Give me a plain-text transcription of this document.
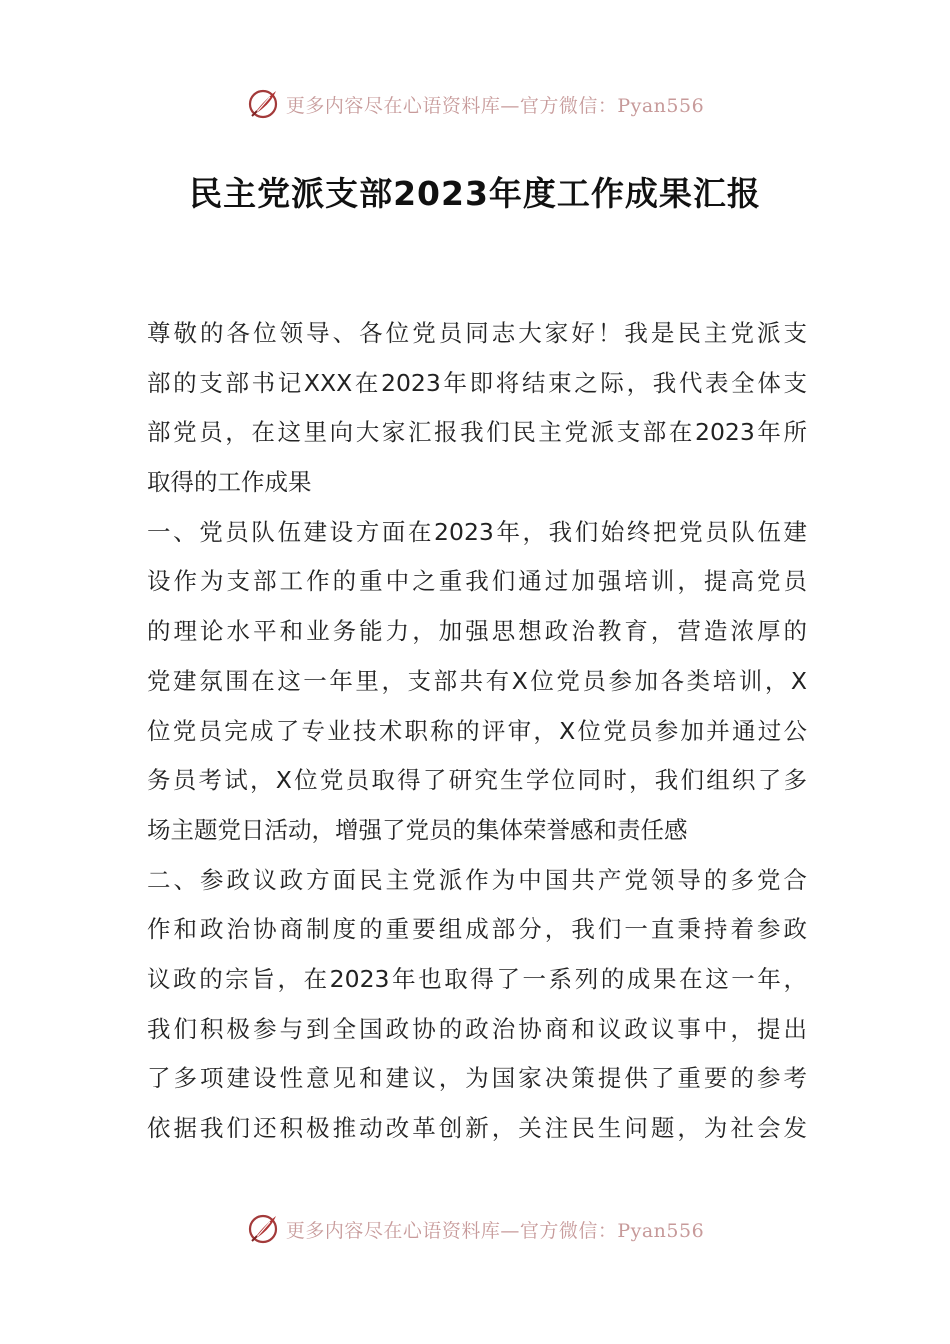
更多内容尽在心语资料库—官方微信：Pyan556
民主党派支部2023年度工作成果汇报
尊敬的各位领导、各位党员同志大家好！我是民主党派支
部的支部书记XXX在2023年即将结束之际，我代表全体支
部党员，在这里向大家汇报我们民主党派支部在2023年所
取得的工作成果
一、党员队伍建设方面在2023年，我们始终把党员队伍建
设作为支部工作的重中之重我们通过加强培训，提高党员
的理论水平和业务能力，加强思想政治教育，营造浓厚的
党建氛围在这一年里，支部共有X位党员参加各类培训，X
位党员完成了专业技术职称的评审，X位党员参加并通过公
务员考试，X位党员取得了研究生学位同时，我们组织了多
场主题党日活动，增强了党员的集体荣誉感和责任感
二、参政议政方面民主党派作为中国共产党领导的多党合
作和政治协商制度的重要组成部分，我们一直秉持着参政
议政的宗旨，在2023年也取得了一系列的成果在这一年，
我们积极参与到全国政协的政治协商和议政议事中，提出
了多项建设性意见和建议，为国家决策提供了重要的参考
依据我们还积极推动改革创新，关注民生问题，为社会发
更多内容尽在心语资料库—官方微信：Pyan556
